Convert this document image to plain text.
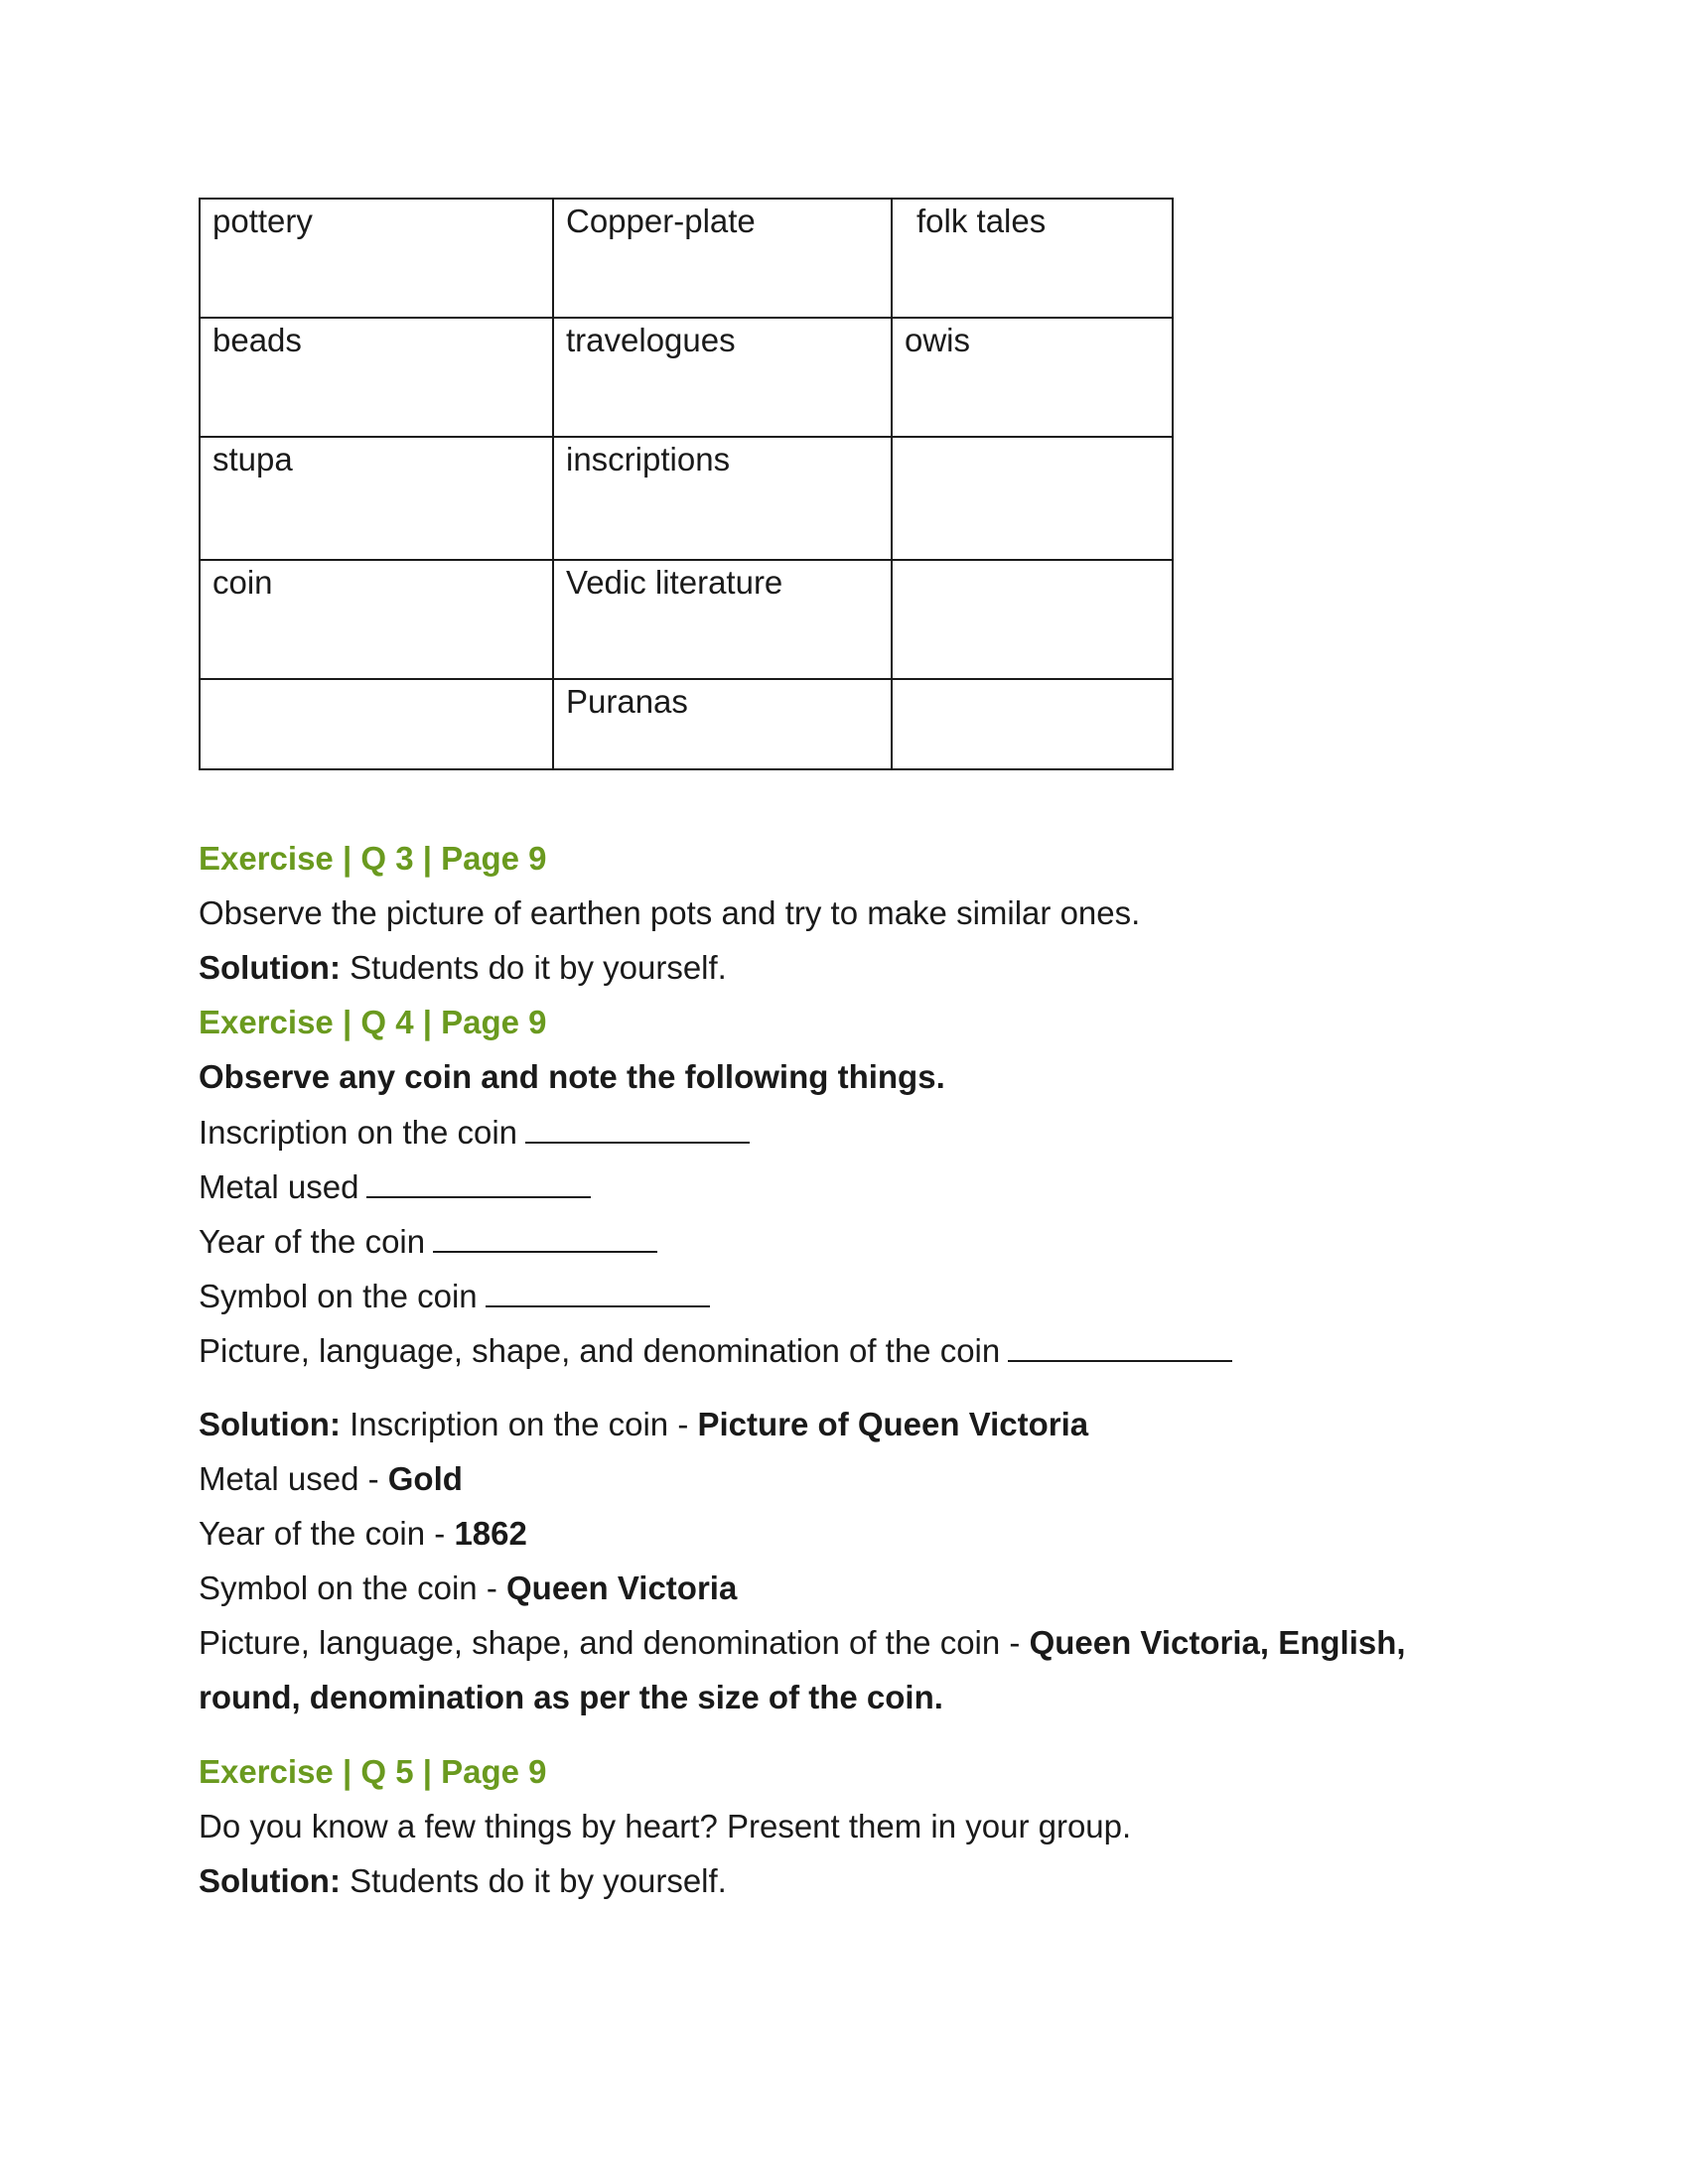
pottery	Copper-plate	folk tales
beads	travelogues	owis
stupa	inscriptions	
coin	Vedic literature	
	Puranas	
Exercise | Q 3 | Page 9
Observe the picture of earthen pots and try to make similar ones.
Solution: Students do it by yourself.
Exercise | Q 4 | Page 9
Observe any coin and note the following things.
Inscription on the coin
Metal used
Year of the coin
Symbol on the coin
Picture, language, shape, and denomination of the coin
Solution: Inscription on the coin - Picture of Queen Victoria
Metal used - Gold
Year of the coin - 1862
Symbol on the coin - Queen Victoria
Picture, language, shape, and denomination of the coin - Queen Victoria, English,
round, denomination as per the size of the coin.
Exercise | Q 5 | Page 9
Do you know a few things by heart? Present them in your group.
Solution: Students do it by yourself.
